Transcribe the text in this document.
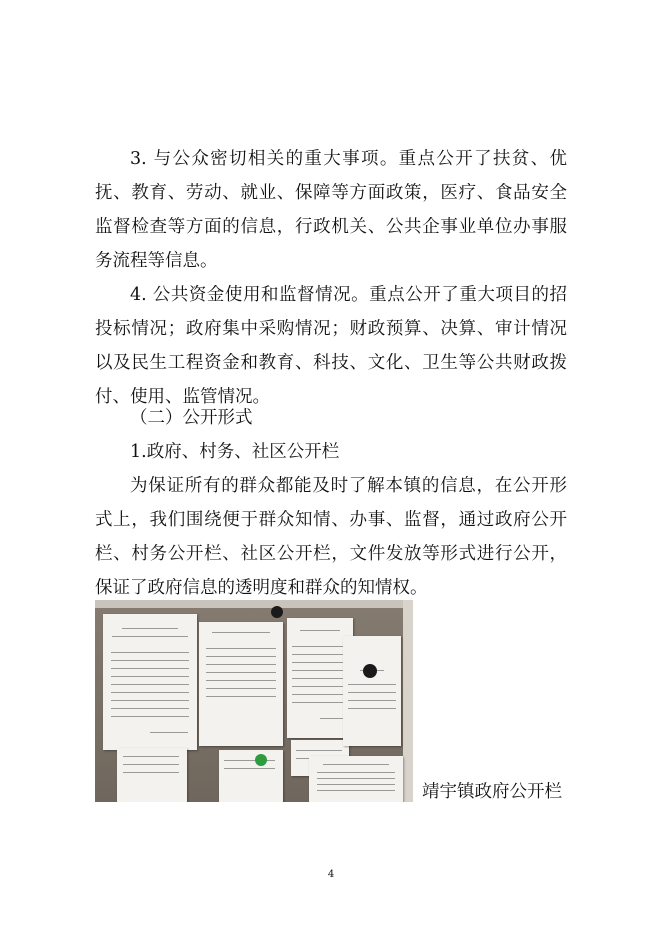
3. 与公众密切相关的重大事项。重点公开了扶贫、优抚、教育、劳动、就业、保障等方面政策，医疗、食品安全监督检查等方面的信息，行政机关、公共企事业单位办事服务流程等信息。

4. 公共资金使用和监督情况。重点公开了重大项目的招投标情况；政府集中采购情况；财政预算、决算、审计情况以及民生工程资金和教育、科技、文化、卫生等公共财政拨付、使用、监管情况。

（二）公开形式
1.政府、村务、社区公开栏

为保证所有的群众都能及时了解本镇的信息，在公开形式上，我们围绕便于群众知情、办事、监督，通过政府公开栏、村务公开栏、社区公开栏，文件发放等形式进行公开，保证了政府信息的透明度和群众的知情权。

靖宇镇政府公开栏
4
